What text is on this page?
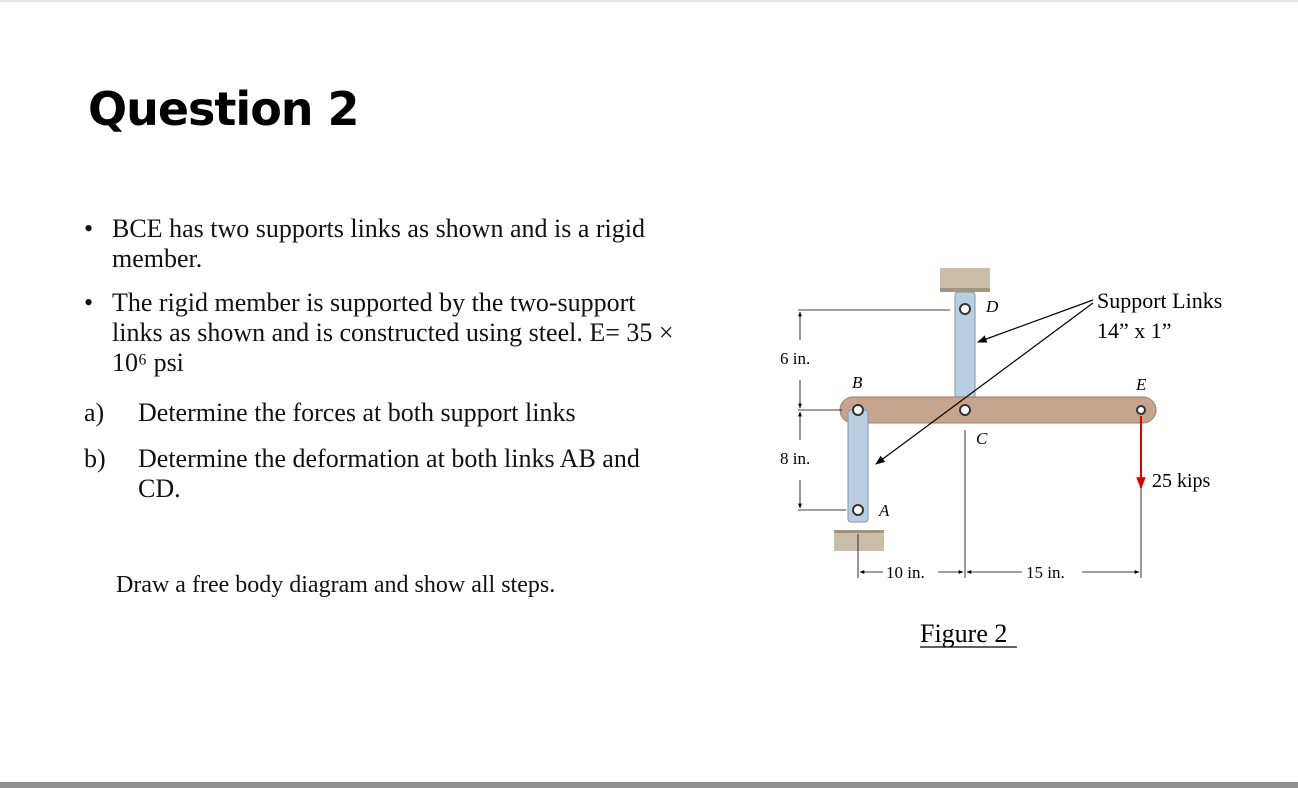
Question 2
• BCE has two supports links as shown and is a rigid member.
• The rigid member is supported by the two-support links as shown and is constructed using steel. E= 35 × 10⁶ psi
a) Determine the forces at both support links
b) Determine the deformation at both links AB and CD.
Draw a free body diagram and show all steps.
6 in.
8 in.
10 in.	15 in.
D
B	E
C
A
25 kips
Support Links
14” x 1”
Figure 2
